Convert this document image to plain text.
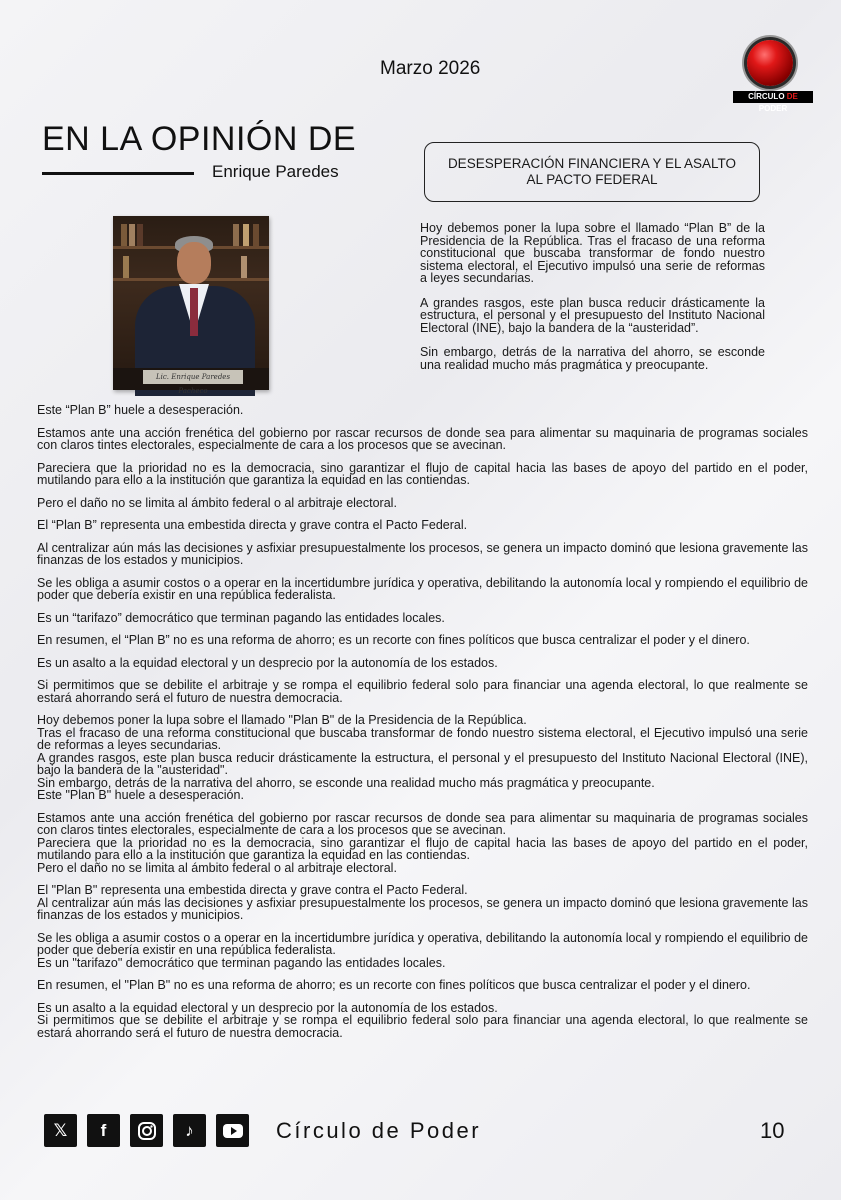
Marzo 2026
CÍRCULO DE PODER
EN LA OPINIÓN DE
Enrique Paredes	DESESPERACIÓN FINANCIERA Y EL ASALTO AL PACTO FEDERAL
Lic. Enrique Paredes Pacheco

Hoy debemos poner la lupa sobre el llamado “Plan B” de la Presidencia de la República. Tras el fracaso de una reforma constitucional que buscaba transformar de fondo nuestro sistema electoral, el Ejecutivo impulsó una serie de reformas a leyes secundarias.

A grandes rasgos, este plan busca reducir drásticamente la estructura, el personal y el presupuesto del Instituto Nacional Electoral (INE), bajo la bandera de la “austeridad”.

Sin embargo, detrás de la narrativa del ahorro, se esconde una realidad mucho más pragmática y preocupante.

Este “Plan B” huele a desesperación.

Estamos ante una acción frenética del gobierno por rascar recursos de donde sea para alimentar su maquinaria de programas sociales con claros tintes electorales, especialmente de cara a los procesos que se avecinan.

Pareciera que la prioridad no es la democracia, sino garantizar el flujo de capital hacia las bases de apoyo del partido en el poder, mutilando para ello a la institución que garantiza la equidad en las contiendas.

Pero el daño no se limita al ámbito federal o al arbitraje electoral.

El “Plan B” representa una embestida directa y grave contra el Pacto Federal.

Al centralizar aún más las decisiones y asfixiar presupuestalmente los procesos, se genera un impacto dominó que lesiona gravemente las finanzas de los estados y municipios.

Se les obliga a asumir costos o a operar en la incertidumbre jurídica y operativa, debilitando la autonomía local y rompiendo el equilibrio de poder que debería existir en una república federalista.

Es un “tarifazo” democrático que terminan pagando las entidades locales.

En resumen, el “Plan B” no es una reforma de ahorro; es un recorte con fines políticos que busca centralizar el poder y el dinero.

Es un asalto a la equidad electoral y un desprecio por la autonomía de los estados.

Si permitimos que se debilite el arbitraje y se rompa el equilibrio federal solo para financiar una agenda electoral, lo que realmente se estará ahorrando será el futuro de nuestra democracia.

Hoy debemos poner la lupa sobre el llamado "Plan B" de la Presidencia de la República.

Tras el fracaso de una reforma constitucional que buscaba transformar de fondo nuestro sistema electoral, el Ejecutivo impulsó una serie de reformas a leyes secundarias.

A grandes rasgos, este plan busca reducir drásticamente la estructura, el personal y el presupuesto del Instituto Nacional Electoral (INE), bajo la bandera de la "austeridad".

Sin embargo, detrás de la narrativa del ahorro, se esconde una realidad mucho más pragmática y preocupante.

Este "Plan B" huele a desesperación.

Estamos ante una acción frenética del gobierno por rascar recursos de donde sea para alimentar su maquinaria de programas sociales con claros tintes electorales, especialmente de cara a los procesos que se avecinan.

Pareciera que la prioridad no es la democracia, sino garantizar el flujo de capital hacia las bases de apoyo del partido en el poder, mutilando para ello a la institución que garantiza la equidad en las contiendas.

Pero el daño no se limita al ámbito federal o al arbitraje electoral.

El "Plan B" representa una embestida directa y grave contra el Pacto Federal.

Al centralizar aún más las decisiones y asfixiar presupuestalmente los procesos, se genera un impacto dominó que lesiona gravemente las finanzas de los estados y municipios.

Se les obliga a asumir costos o a operar en la incertidumbre jurídica y operativa, debilitando la autonomía local y rompiendo el equilibrio de poder que debería existir en una república federalista.

Es un "tarifazo" democrático que terminan pagando las entidades locales.

En resumen, el "Plan B" no es una reforma de ahorro; es un recorte con fines políticos que busca centralizar el poder y el dinero.

Es un asalto a la equidad electoral y un desprecio por la autonomía de los estados.

Si permitimos que se debilite el arbitraje y se rompa el equilibrio federal solo para financiar una agenda electoral, lo que realmente se estará ahorrando será el futuro de nuestra democracia.

𝕏	f	♪	Círculo de Poder	10
